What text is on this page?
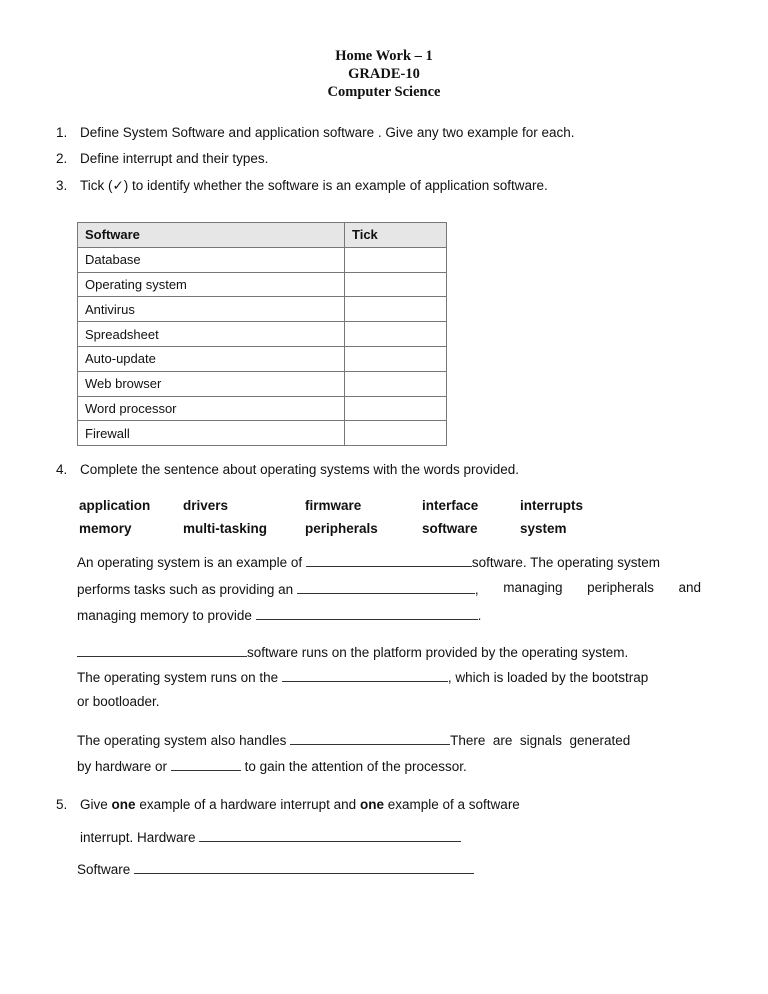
Home Work – 1
GRADE-10
Computer Science
1. Define System Software and application software . Give any two example for each.
2. Define interrupt and their types.
3. Tick (✓) to identify whether the software is an example of application software.
Software	Tick
Database	
Operating system	
Antivirus	
Spreadsheet	
Auto-update	
Web browser	
Word processor	
Firewall	
4. Complete the sentence about operating systems with the words provided.
application drivers	firmware	interface	interrupts
memory	multi-tasking	peripherals	software	system
An operating system is an example of	software. The operating system
performs tasks such as providing an	, managing peripherals and
managing memory to provide	.
software runs on the platform provided by the operating system.
The operating system runs on the	, which is loaded by the bootstrap
or bootloader.
The operating system also handles	There  are  signals  generated
by hardware or	to gain the attention of the processor.
5. Give one example of a hardware interrupt and one example of a software
interrupt. Hardware
Software
